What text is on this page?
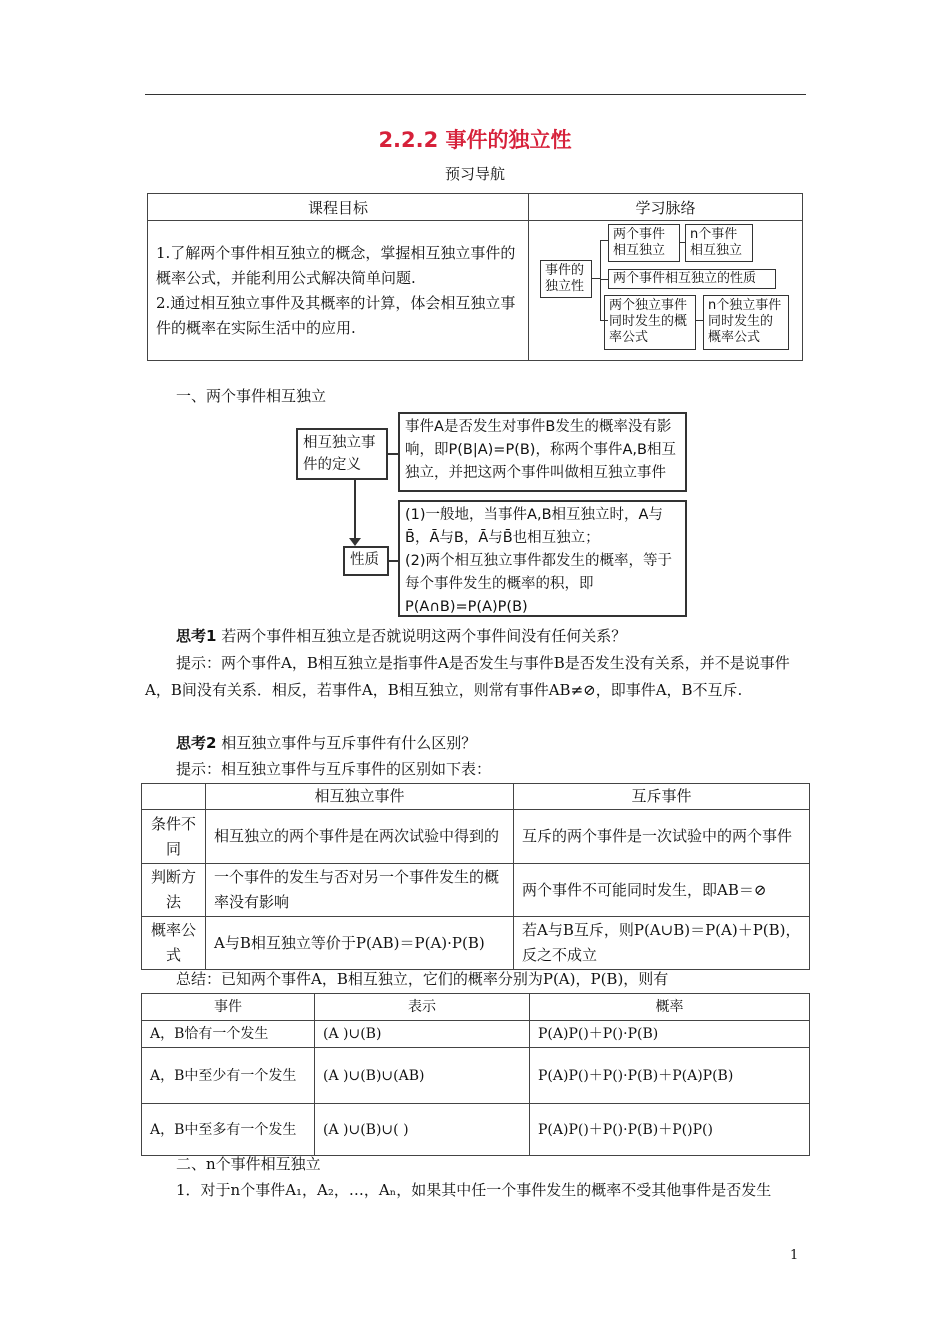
2.2.2 事件的独立性
预习导航
课程目标	学习脉络

1.了解两个事件相互独立的概念，掌握相互独立事件的概率公式，并能利用公式解决简单问题.
2.通过相互独立事件及其概率的计算，体会相互独立事件的概率在实际生活中的应用.	

事件的独立性
两个事件相互独立
n个事件相互独立
两个事件相互独立的性质
两个独立事件同时发生的概率公式
n个独立事件同时发生的概率公式
一、两个事件相互独立
相互独立事件的定义
事件A是否发生对事件B发生的概率没有影响，即P(B|A)=P(B)，称两个事件A,B相互独立，并把这两个事件叫做相互独立事件
性质
(1)一般地，当事件A,B相互独立时，A与B̄，Ā与B，Ā与B̄也相互独立；
(2)两个相互独立事件都发生的概率，等于每个事件发生的概率的积，即P(A∩B)=P(A)P(B)
思考1 若两个事件相互独立是否就说明这两个事件间没有任何关系？
提示：两个事件A，B相互独立是指事件A是否发生与事件B是否发生没有关系，并不是说事件A，B间没有关系．相反，若事件A，B相互独立，则常有事件AB≠⊘，即事件A，B不互斥.
思考2 相互独立事件与互斥事件有什么区别？
提示：相互独立事件与互斥事件的区别如下表：
	相互独立事件	互斥事件
条件不同	相互独立的两个事件是在两次试验中得到的	互斥的两个事件是一次试验中的两个事件
判断方法	一个事件的发生与否对另一个事件发生的概率没有影响	两个事件不可能同时发生，即AB＝⊘
概率公式	A与B相互独立等价于P(AB)＝P(A)·P(B)	若A与B互斥，则P(A∪B)＝P(A)＋P(B)，反之不成立
总结：已知两个事件A，B相互独立，它们的概率分别为P(A)，P(B)，则有
事件	表示	概率
A，B恰有一个发生	(A )∪(B)	P(A)P()＋P()·P(B)
A，B中至少有一个发生	(A )∪(B)∪(AB)	P(A)P()＋P()·P(B)＋P(A)P(B)
A，B中至多有一个发生	(A )∪(B)∪( )	P(A)P()＋P()·P(B)＋P()P()
二、n个事件相互独立
1．对于n个事件A₁，A₂，…，Aₙ，如果其中任一个事件发生的概率不受其他事件是否发生
1
